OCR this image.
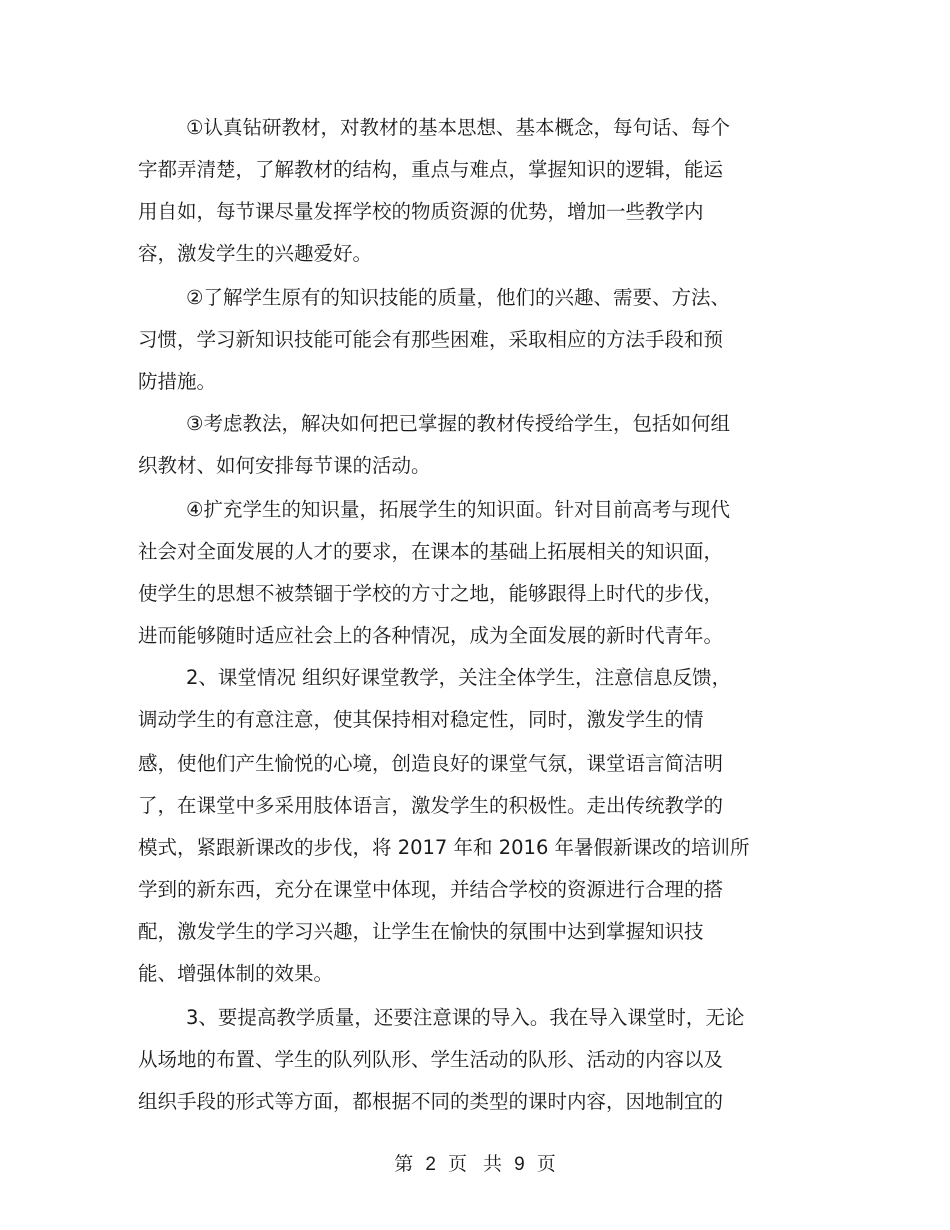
①认真钻研教材，对教材的基本思想、基本概念，每句话、每个
字都弄清楚，了解教材的结构，重点与难点，掌握知识的逻辑，能运
用自如，每节课尽量发挥学校的物质资源的优势，增加一些教学内
容，激发学生的兴趣爱好。
②了解学生原有的知识技能的质量，他们的兴趣、需要、方法、
习惯，学习新知识技能可能会有那些困难，采取相应的方法手段和预
防措施。
③考虑教法，解决如何把已掌握的教材传授给学生，包括如何组
织教材、如何安排每节课的活动。
④扩充学生的知识量，拓展学生的知识面。针对目前高考与现代
社会对全面发展的人才的要求，在课本的基础上拓展相关的知识面，
使学生的思想不被禁锢于学校的方寸之地，能够跟得上时代的步伐，
进而能够随时适应社会上的各种情况，成为全面发展的新时代青年。
2、课堂情况 组织好课堂教学，关注全体学生，注意信息反馈，
调动学生的有意注意，使其保持相对稳定性，同时，激发学生的情
感，使他们产生愉悦的心境，创造良好的课堂气氛，课堂语言简洁明
了，在课堂中多采用肢体语言，激发学生的积极性。走出传统教学的
模式，紧跟新课改的步伐，将 2017 年和 2016 年暑假新课改的培训所
学到的新东西，充分在课堂中体现，并结合学校的资源进行合理的搭
配，激发学生的学习兴趣，让学生在愉快的氛围中达到掌握知识技
能、增强体制的效果。
3、要提高教学质量，还要注意课的导入。我在导入课堂时，无论
从场地的布置、学生的队列队形、学生活动的队形、活动的内容以及
组织手段的形式等方面，都根据不同的类型的课时内容，因地制宜的
第 2 页 共 9 页
